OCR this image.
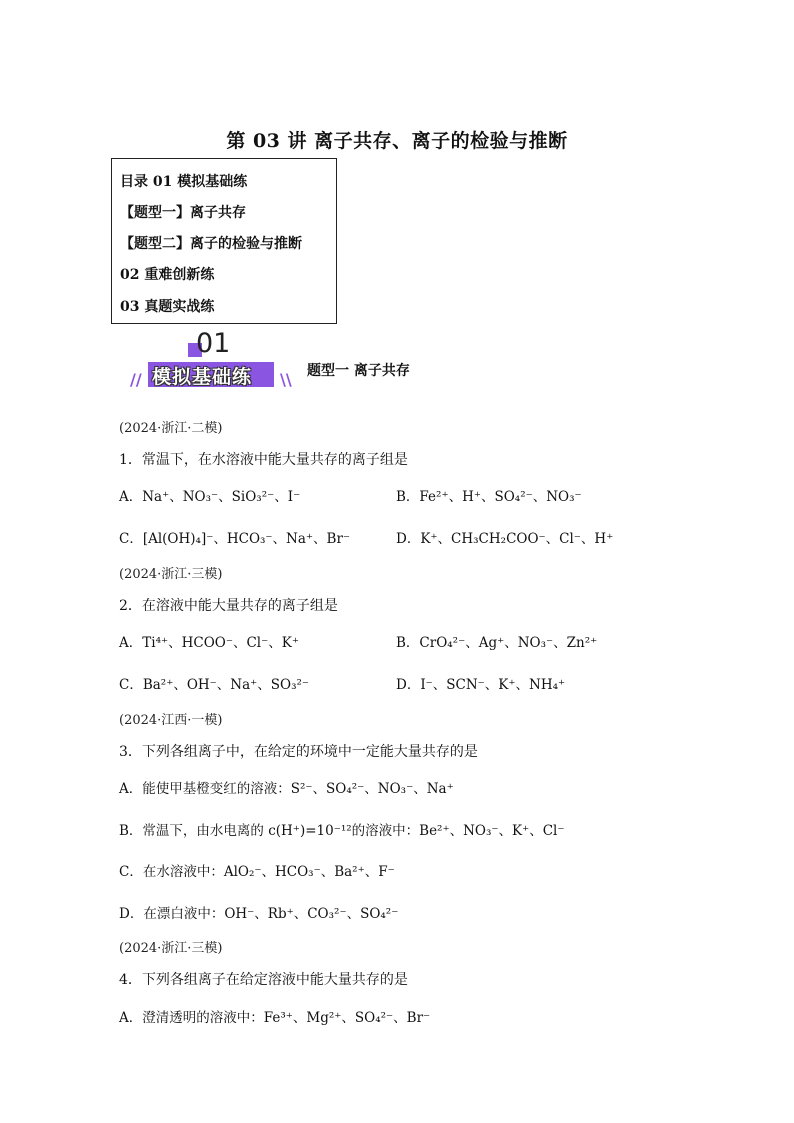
第 03 讲 离子共存、离子的检验与推断
目录 01 模拟基础练
【题型一】离子共存
【题型二】离子的检验与推断
02 重难创新练
03 真题实战练
01
// 模拟基础练 \\ 题型一 离子共存
(2024·浙江·二模)
1．常温下，在水溶液中能大量共存的离子组是
A．Na⁺、NO₃⁻、SiO₃²⁻、I⁻	B．Fe²⁺、H⁺、SO₄²⁻、NO₃⁻
C．[Al(OH)₄]⁻、HCO₃⁻、Na⁺、Br⁻	D．K⁺、CH₃CH₂COO⁻、Cl⁻、H⁺
(2024·浙江·三模)
2．在溶液中能大量共存的离子组是
A．Ti⁴⁺、HCOO⁻、Cl⁻、K⁺	B．CrO₄²⁻、Ag⁺、NO₃⁻、Zn²⁺
C．Ba²⁺、OH⁻、Na⁺、SO₃²⁻	D．I⁻、SCN⁻、K⁺、NH₄⁺
(2024·江西·一模)
3．下列各组离子中，在给定的环境中一定能大量共存的是
A．能使甲基橙变红的溶液：S²⁻、SO₄²⁻、NO₃⁻、Na⁺
B．常温下，由水电离的 c(H⁺)=10⁻¹²的溶液中：Be²⁺、NO₃⁻、K⁺、Cl⁻
C．在水溶液中：AlO₂⁻、HCO₃⁻、Ba²⁺、F⁻
D．在漂白液中：OH⁻、Rb⁺、CO₃²⁻、SO₄²⁻
(2024·浙江·三模)
4．下列各组离子在给定溶液中能大量共存的是
A．澄清透明的溶液中：Fe³⁺、Mg²⁺、SO₄²⁻、Br⁻
